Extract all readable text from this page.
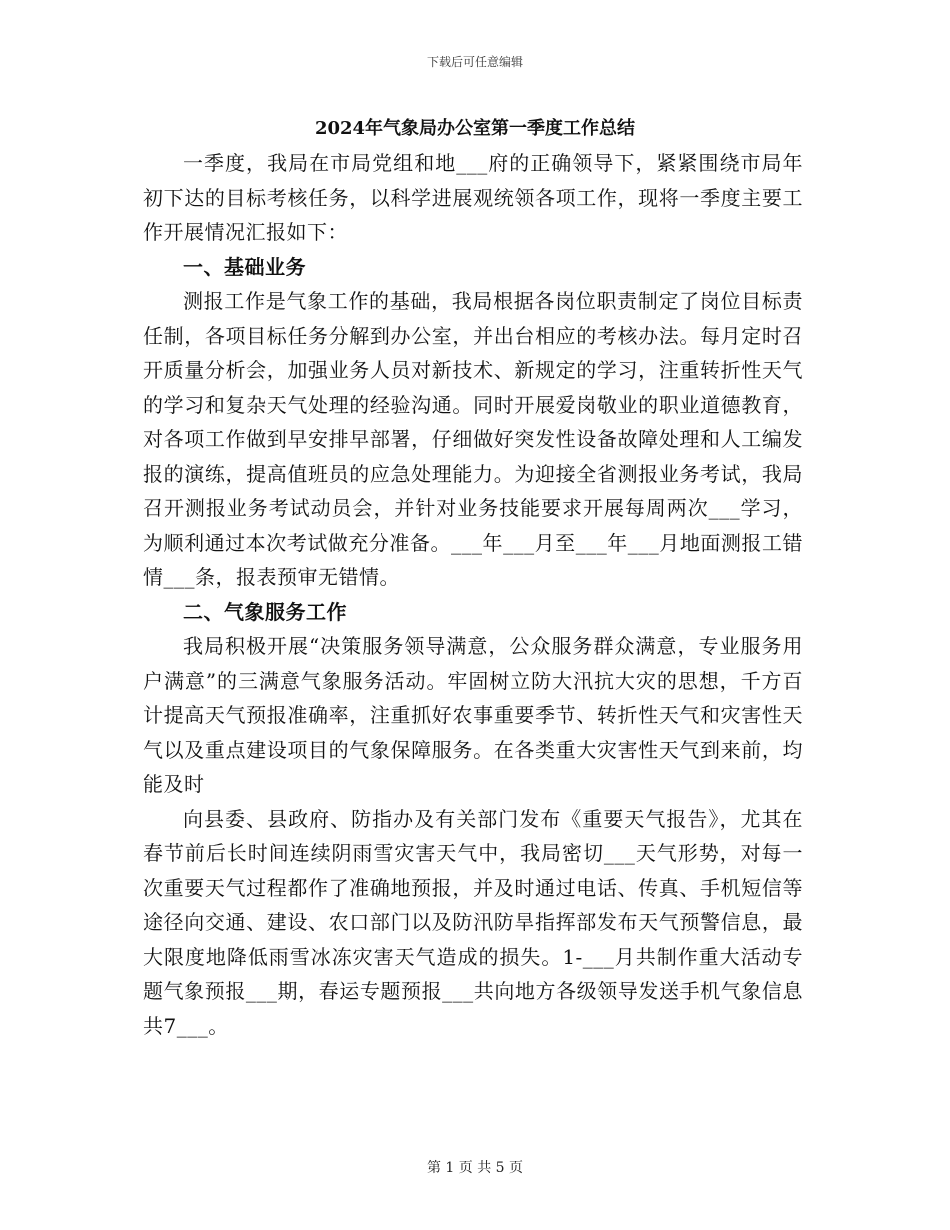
下载后可任意编辑
2024年气象局办公室第一季度工作总结

一季度，我局在市局党组和地___府的正确领导下，紧紧围绕市局年初下达的目标考核任务，以科学进展观统领各项工作，现将一季度主要工作开展情况汇报如下：

一、基础业务

测报工作是气象工作的基础，我局根据各岗位职责制定了岗位目标责任制，各项目标任务分解到办公室，并出台相应的考核办法。每月定时召开质量分析会，加强业务人员对新技术、新规定的学习，注重转折性天气的学习和复杂天气处理的经验沟通。同时开展爱岗敬业的职业道德教育，对各项工作做到早安排早部署，仔细做好突发性设备故障处理和人工编发报的演练，提高值班员的应急处理能力。为迎接全省测报业务考试，我局召开测报业务考试动员会，并针对业务技能要求开展每周两次___学习，为顺利通过本次考试做充分准备。___年___月至___年___月地面测报工错情___条，报表预审无错情。

二、气象服务工作

我局积极开展“决策服务领导满意，公众服务群众满意，专业服务用户满意”的三满意气象服务活动。牢固树立防大汛抗大灾的思想，千方百计提高天气预报准确率，注重抓好农事重要季节、转折性天气和灾害性天气以及重点建设项目的气象保障服务。在各类重大灾害性天气到来前，均能及时

向县委、县政府、防指办及有关部门发布《重要天气报告》，尤其在春节前后长时间连续阴雨雪灾害天气中，我局密切___天气形势，对每一次重要天气过程都作了准确地预报，并及时通过电话、传真、手机短信等途径向交通、建设、农口部门以及防汛防旱指挥部发布天气预警信息，最大限度地降低雨雪冰冻灾害天气造成的损失。1-___月共制作重大活动专题气象预报___期，春运专题预报___共向地方各级领导发送手机气象信息共7___。

第 1 页 共 5 页
